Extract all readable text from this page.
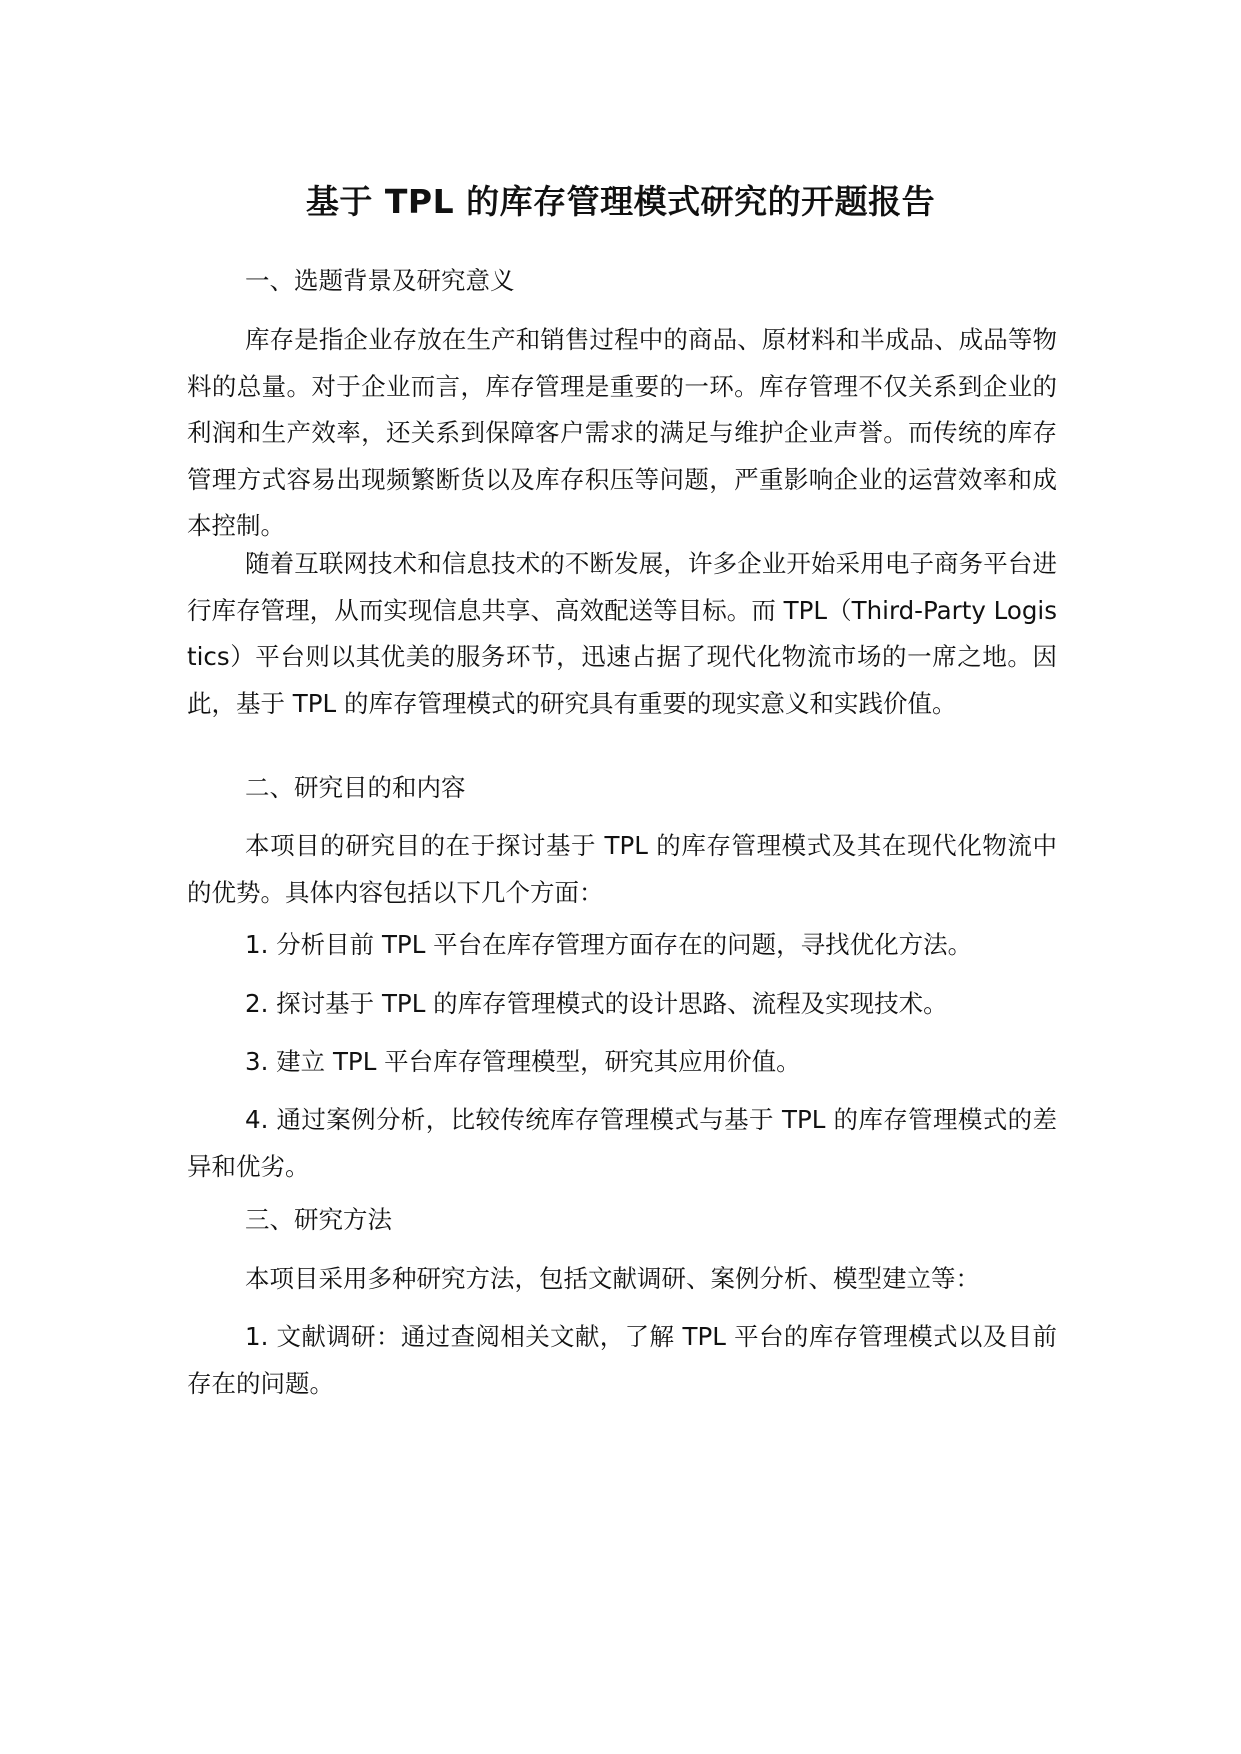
基于 TPL 的库存管理模式研究的开题报告

一、选题背景及研究意义

库存是指企业存放在生产和销售过程中的商品、原材料和半成品、成品等物料的总量。对于企业而言，库存管理是重要的一环。库存管理不仅关系到企业的利润和生产效率，还关系到保障客户需求的满足与维护企业声誉。而传统的库存管理方式容易出现频繁断货以及库存积压等问题，严重影响企业的运营效率和成本控制。

随着互联网技术和信息技术的不断发展，许多企业开始采用电子商务平台进行库存管理，从而实现信息共享、高效配送等目标。而 TPL（Third-Party Logistics）平台则以其优美的服务环节，迅速占据了现代化物流市场的一席之地。因此，基于 TPL 的库存管理模式的研究具有重要的现实意义和实践价值。

二、研究目的和内容

本项目的研究目的在于探讨基于 TPL 的库存管理模式及其在现代化物流中的优势。具体内容包括以下几个方面：

1. 分析目前 TPL 平台在库存管理方面存在的问题，寻找优化方法。

2. 探讨基于 TPL 的库存管理模式的设计思路、流程及实现技术。

3. 建立 TPL 平台库存管理模型，研究其应用价值。

4. 通过案例分析，比较传统库存管理模式与基于 TPL 的库存管理模式的差异和优劣。

三、研究方法

本项目采用多种研究方法，包括文献调研、案例分析、模型建立等：

1. 文献调研：通过查阅相关文献，了解 TPL 平台的库存管理模式以及目前存在的问题。
